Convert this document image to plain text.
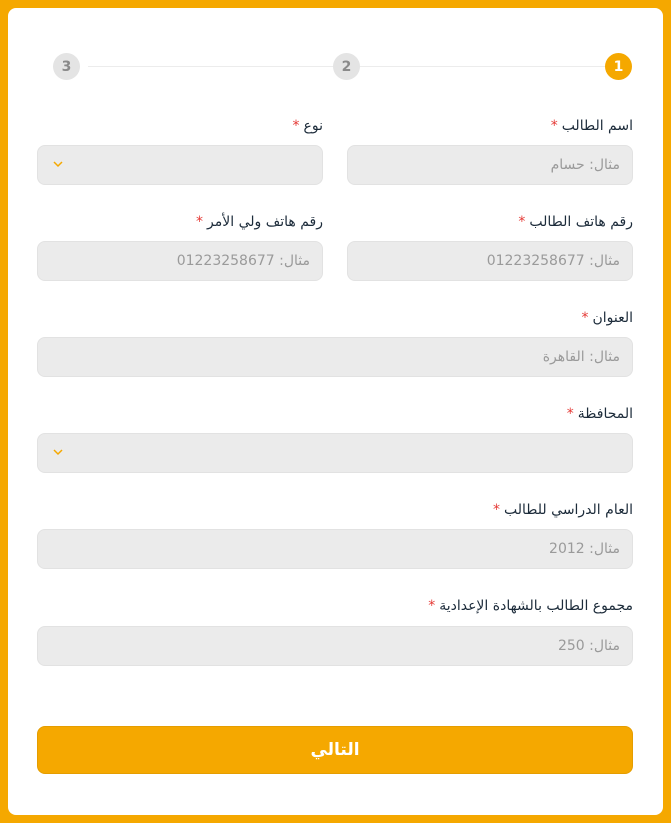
1
2
3
اسم الطالب*
مثال: حسام
نوع*
رقم هاتف الطالب*
مثال: 01223258677
رقم هاتف ولي الأمر*
مثال: 01223258677
العنوان*
مثال: القاهرة
المحافظة*
العام الدراسي للطالب*
مثال: 2012
مجموع الطالب بالشهادة الإعدادية*
مثال: 250
التالي
